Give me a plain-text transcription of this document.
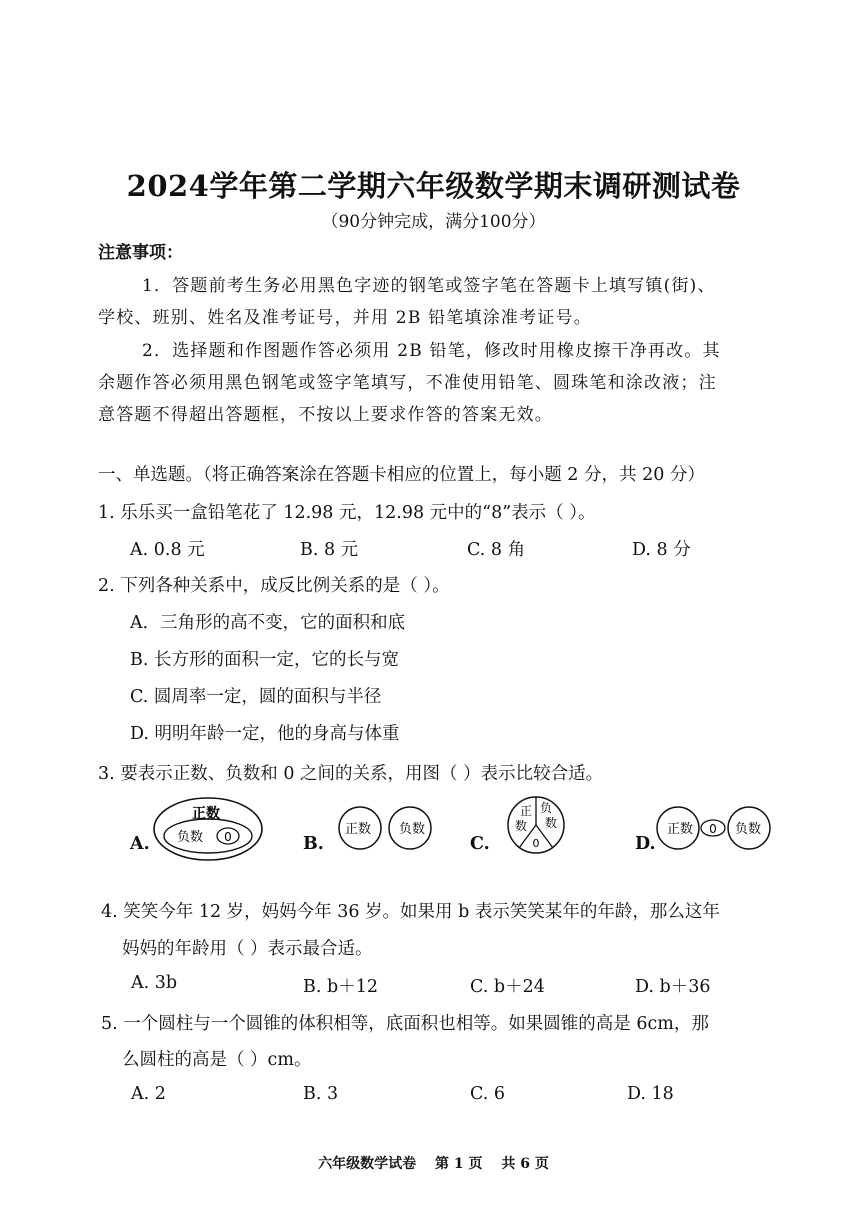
2024学年第二学期六年级数学期末调研测试卷
（90分钟完成，满分100分）
注意事项：
1．答题前考生务必用黑色字迹的钢笔或签字笔在答题卡上填写镇(街)、
学校、班别、姓名及准考证号，并用 2B 铅笔填涂准考证号。
2．选择题和作图题作答必须用 2B 铅笔，修改时用橡皮擦干净再改。其
余题作答必须用黑色钢笔或签字笔填写，不准使用铅笔、圆珠笔和涂改液；注
意答题不得超出答题框，不按以上要求作答的答案无效。
一、单选题。（将正确答案涂在答题卡相应的位置上，每小题 2 分，共 20 分）
1. 乐乐买一盒铅笔花了 12.98 元，12.98 元中的“8”表示（ ）。
A. 0.8 元	B. 8 元	C. 8 角	D. 8 分
2. 下列各种关系中，成反比例关系的是（ ）。
A．三角形的高不变，它的面积和底
B. 长方形的面积一定，它的长与宽
C. 圆周率一定，圆的面积与半径
D. 明明年龄一定，他的身高与体重
3. 要表示正数、负数和 0 之间的关系，用图（ ）表示比较合适。
A.	B.	C.	D.
正数
负数 0	正数 负数
正
数
负
数
0
正数 0 负数
4. 笑笑今年 12 岁，妈妈今年 36 岁。如果用 b 表示笑笑某年的年龄，那么这年
妈妈的年龄用（ ）表示最合适。
A. 3b	B. b＋12	C. b＋24	D. b＋36
5. 一个圆柱与一个圆锥的体积相等，底面积也相等。如果圆锥的高是 6cm，那
么圆柱的高是（ ）cm。
A. 2	B. 3	C. 6	D. 18
六年级数学试卷 第 1 页 共 6 页
